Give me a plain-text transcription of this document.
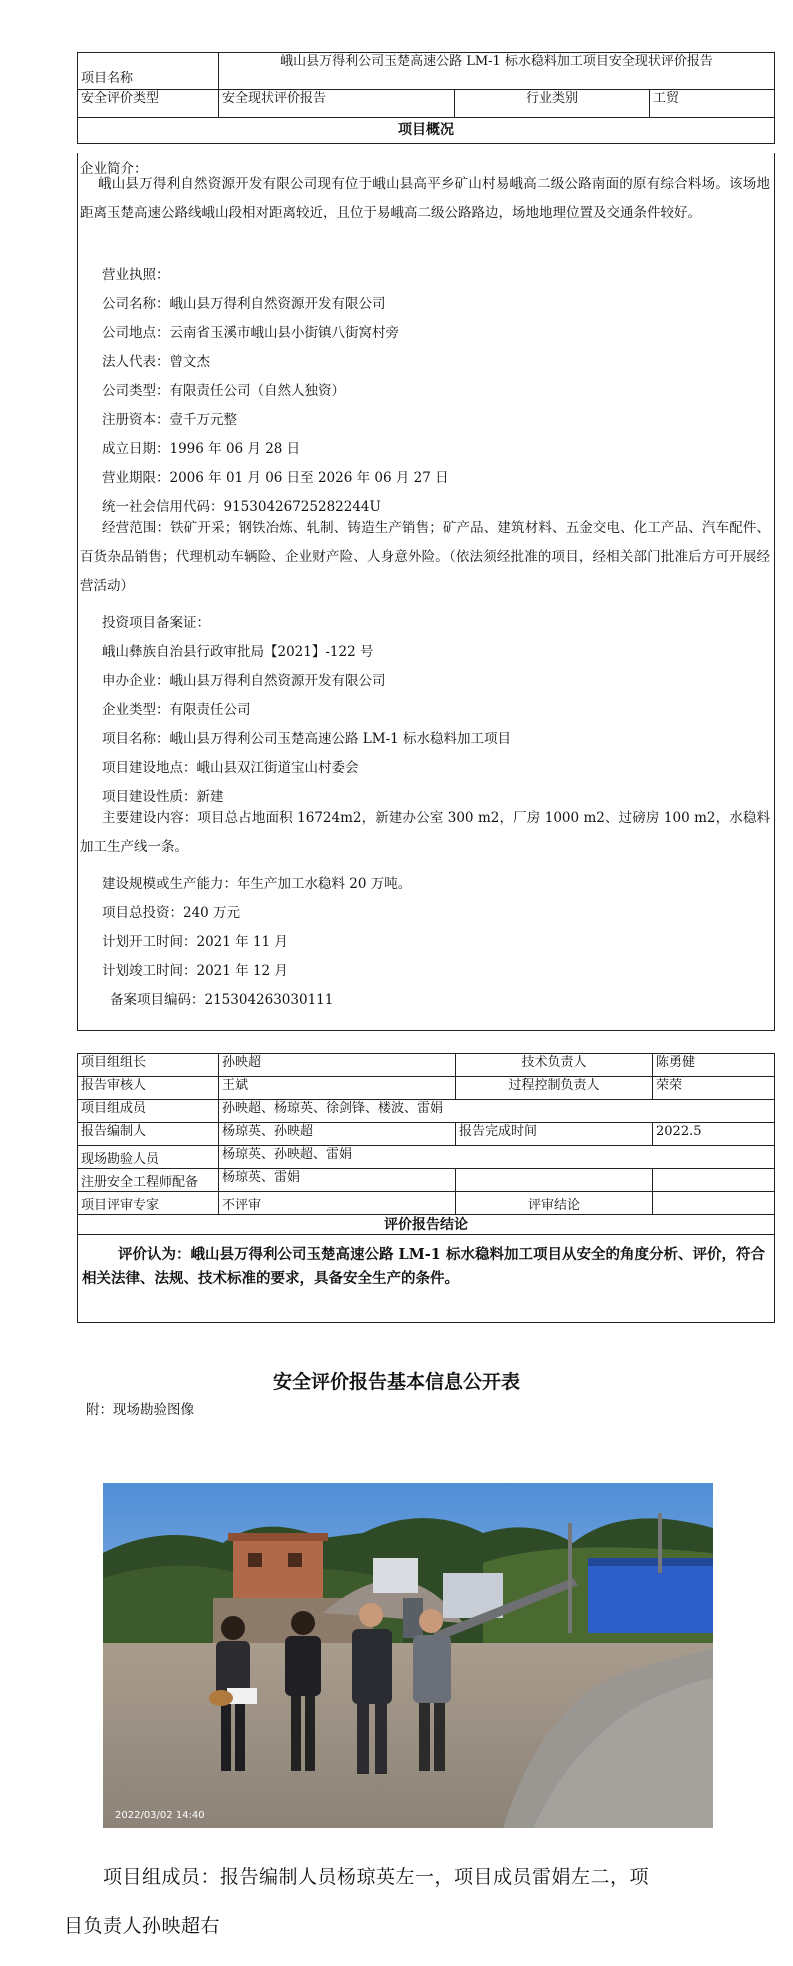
项目名称	峨山县万得利公司玉楚高速公路 LM-1 标水稳料加工项目安全现状评价报告		
安全评价类型	安全现状评价报告	行业类别	工贸
项目概况			
企业简介：
峨山县万得利自然资源开发有限公司现有位于峨山县高平乡矿山村易峨高二级公路南面的原有综合料场。该场地距离玉楚高速公路线峨山段相对距离较近，且位于易峨高二级公路路边，场地地理位置及交通条件较好。
营业执照：
公司名称：峨山县万得利自然资源开发有限公司
公司地点：云南省玉溪市峨山县小街镇八街窝村旁
法人代表：曾文杰
公司类型：有限责任公司（自然人独资）
注册资本：壹千万元整
成立日期：1996 年 06 月 28 日
营业期限：2006 年 01 月 06 日至 2026 年 06 月 27 日
统一社会信用代码：9153042672528224​4U
经营范围：铁矿开采；钢铁冶炼、轧制、铸造生产销售；矿产品、建筑材料、五金交电、化工产品、汽车配件、百货杂品销售；代理机动车辆险、企业财产险、人身意外险。（依法须经批准的项目，经相关部门批准后方可开展经营活动）
投资项目备案证：
峨山彝族自治县行政审批局【2021】-122 号
申办企业：峨山县万得利自然资源开发有限公司
企业类型：有限责任公司
项目名称：峨山县万得利公司玉楚高速公路 LM-1 标水稳料加工项目
项目建设地点：峨山县双江街道宝山村委会
项目建设性质：新建
主要建设内容：项目总占地面积 16724m2，新建办公室 300 m2，厂房 1000 m2、过磅房 100 m2，水稳料加工生产线一条。
建设规模或生产能力：年生产加工水稳料 20 万吨。
项目总投资：240 万元
计划开工时间：2021 年 11 月
计划竣工时间：2021 年 12 月
备案项目编码：215304263030111
项目组组长	孙映超	技术负责人	陈勇健
报告审核人	王斌	过程控制负责人	荣荣
项目组成员	孙映超、杨琼英、徐剑锋、楼波、雷娟		
报告编制人	杨琼英、孙映超	报告完成时间	2022.5
现场勘验人员	杨琼英、孙映超、雷娟		
注册安全工程师配备	杨琼英、雷娟		
项目评审专家	不评审	评审结论	
评价报告结论			

评价认为：峨山县万得利公司玉楚高速公路 LM-1 标水稳料加工项目从安全的角度分析、评价，符合相关法律、法规、技术标准的要求，具备安全生产的条件。			
安全评价报告基本信息公开表
附：现场勘验图像
2022/03/02 14:40
项目组成员：报告编制人员杨琼英左一，项目成员雷娟左二，项
目负责人孙映超右
